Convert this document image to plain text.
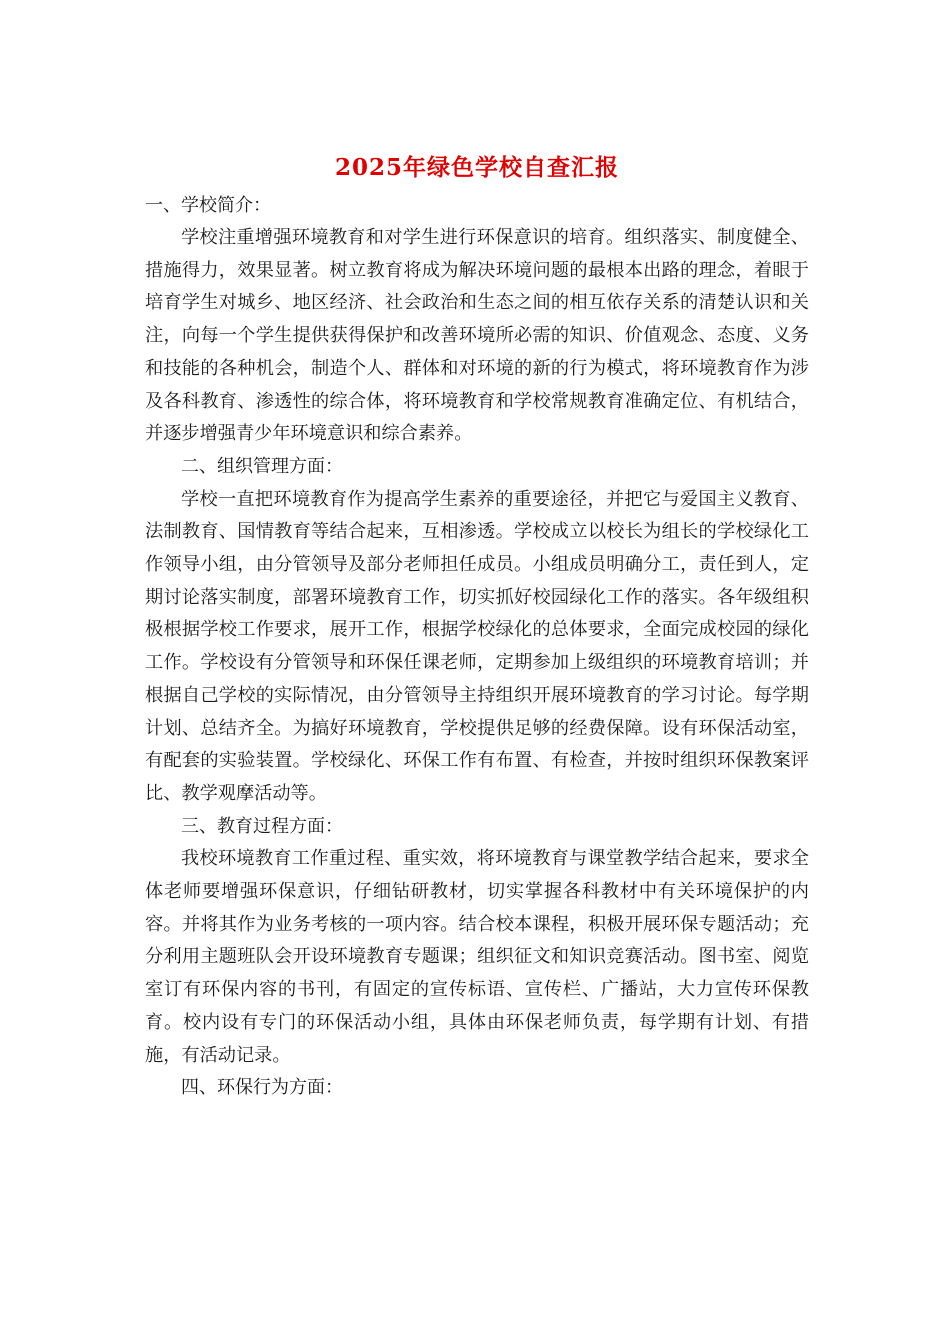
2025年绿色学校自查汇报

一、学校简介：

学校注重增强环境教育和对学生进行环保意识的培育。组织落实、制度健全、措施得力，效果显著。树立教育将成为解决环境问题的最根本出路的理念，着眼于培育学生对城乡、地区经济、社会政治和生态之间的相互依存关系的清楚认识和关注，向每一个学生提供获得保护和改善环境所必需的知识、价值观念、态度、义务和技能的各种机会，制造个人、群体和对环境的新的行为模式，将环境教育作为涉及各科教育、渗透性的综合体，将环境教育和学校常规教育准确定位、有机结合，并逐步增强青少年环境意识和综合素养。

二、组织管理方面：

学校一直把环境教育作为提高学生素养的重要途径，并把它与爱国主义教育、法制教育、国情教育等结合起来，互相渗透。学校成立以校长为组长的学校绿化工作领导小组，由分管领导及部分老师担任成员。小组成员明确分工，责任到人，定期讨论落实制度，部署环境教育工作，切实抓好校园绿化工作的落实。各年级组积极根据学校工作要求，展开工作，根据学校绿化的总体要求，全面完成校园的绿化工作。学校设有分管领导和环保任课老师，定期参加上级组织的环境教育培训；并根据自己学校的实际情况，由分管领导主持组织开展环境教育的学习讨论。每学期计划、总结齐全。为搞好环境教育，学校提供足够的经费保障。设有环保活动室，有配套的实验装置。学校绿化、环保工作有布置、有检查，并按时组织环保教案评比、教学观摩活动等。

三、教育过程方面：

我校环境教育工作重过程、重实效，将环境教育与课堂教学结合起来，要求全体老师要增强环保意识，仔细钻研教材，切实掌握各科教材中有关环境保护的内容。并将其作为业务考核的一项内容。结合校本课程，积极开展环保专题活动；充分利用主题班队会开设环境教育专题课；组织征文和知识竞赛活动。图书室、阅览室订有环保内容的书刊，有固定的宣传标语、宣传栏、广播站，大力宣传环保教育。校内设有专门的环保活动小组，具体由环保老师负责，每学期有计划、有措施，有活动记录。

四、环保行为方面：
